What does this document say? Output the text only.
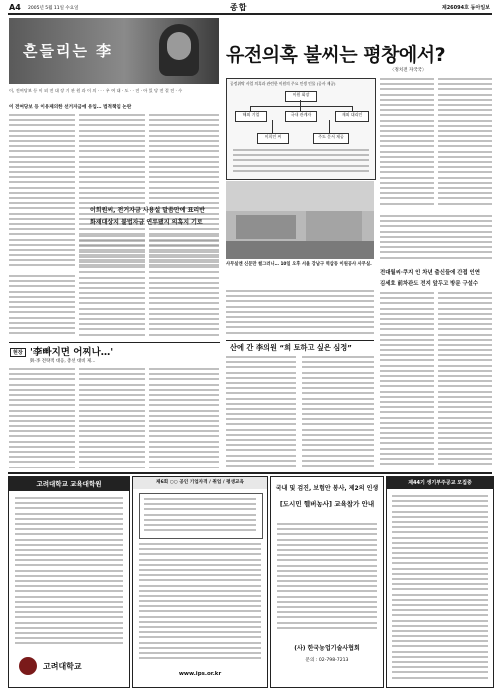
A4 2005년 5월 11일 수요일	종합	제26094호 동아일보
흔들리는 李
이, 전여당보 등 이 외 전 대 장 기 관 원 과 이 의 · · · 우 여 대 · 도 · · 전 · 아 있 당 전 결 전 · 수
이 전여당보 등 이유제의한 선거자금에 유입… 법적책임 논란
유전의혹 불씨는 평창에서?
〈정치전 자국국〉
공정위탁 사업 의혹과 관련한 이원의 주요 인생 인물 (공사 제공)
이원 회장
해외 기업	국내 관계자	재외 대리인
이희인 씨	주도 문서 제공
사무실엔 신문만 썰그러니… 10일 오후 서울 강남구 역삼동 이원공사 사무실.
전대월씨·쿠지 인 차년 출신들에 간접 인연
김세호 前차관도 전지 앞두고 방문 구설수
이희원씨, 전거자금 사용설 말씀만에 표리반
화재대상지 불법자금 연루됐지 의혹지 기로
산에 간 李의원 “희 토하고 싶은 심정”
현장 '李빠지면 어찌나…'
與-李 전략적 대응, 총선 대비 제…
고려대학교 교육대학원
고려대학교
제6회 ○○ 공인 기업자격 / 취업 / 평생교육
www.ips.or.kr
국내 및 검진, 보험안 봉사, 제2의 인생
[도시민 헬버농사] 교육참가 안내
(사) 한국농업기술사협회
문의 : 02-798-7213
제44기 생기부주공교 모집중
